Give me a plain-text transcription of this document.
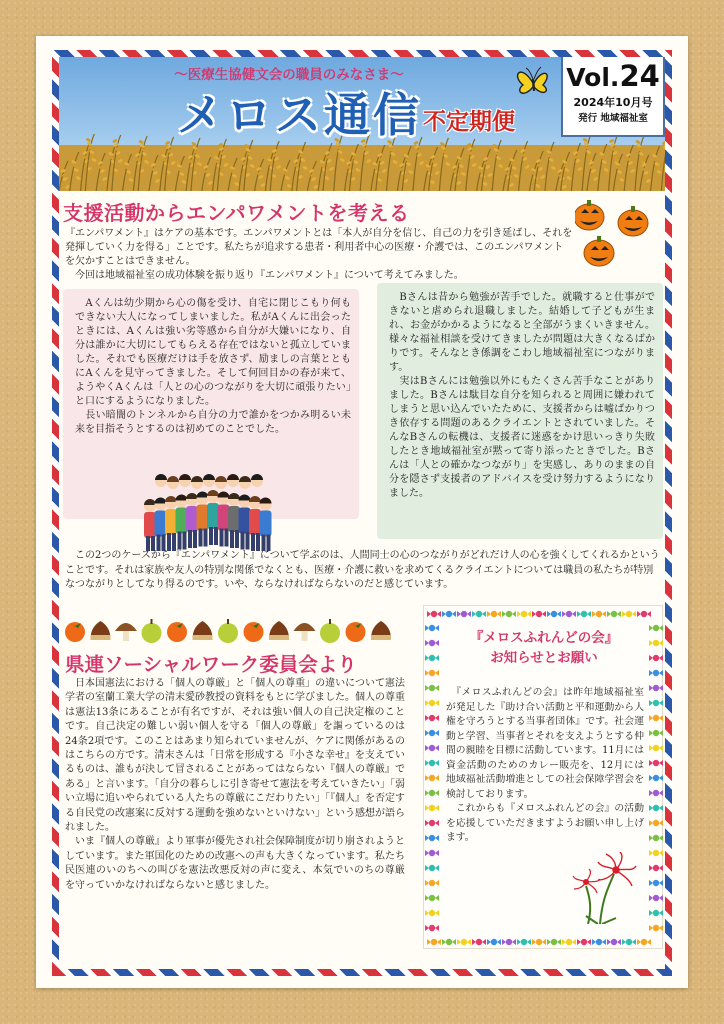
〜医療生協健文会の職員のみなさま〜
メロス通信 不定期便
Vol.24
2024年10月号
発行 地域福祉室
支援活動からエンパワメントを考える
『エンパワメント』はケアの基本です。エンパワメントとは「本人が自分を信じ、自己の力を引き延ばし、それを発揮していく力を得る」ことです。私たちが追求する患者・利用者中心の医療・介護では、このエンパワメントを欠かすことはできません。
　今回は地域福祉室の成功体験を振り返り『エンパワメント』について考えてみました。
　Aくんは幼少期から心の傷を受け、自宅に閉じこもり何もできない大人になってしまいました。私がAくんに出会ったときには、Aくんは強い劣等感から自分が大嫌いになり、自分は誰かに大切にしてもらえる存在ではないと孤立していました。それでも医療だけは手を放さず、励ましの言葉とともにAくんを見守ってきました。そして何回目かの春が来て、ようやくAくんは「人との心のつながりを大切に頑張りたい」と口にするようになりました。
　長い暗闇のトンネルから自分の力で誰かをつかみ明るい未来を目指そうとするのは初めてのことでした。
　Bさんは昔から勉強が苦手でした。就職すると仕事ができないと虐められ退職しました。結婚して子どもが生まれ、お金がかかるようになると全部がうまくいきません。様々な福祉相談を受けてきましたが問題は大きくなるばかりです。そんなとき係調をこわし地域福祉室につながります。
　実はBさんには勉強以外にもたくさん苦手なことがありました。Bさんは駄目な自分を知られると周囲に嫌われてしまうと思い込んでいたために、支援者からは嘘ばかりつき依存する問題のあるクライエントとされていました。そんなBさんの転機は、支援者に迷惑をかけ思いっきり失敗したとき地域福祉室が黙って寄り添ったときでした。Bさんは「人との確かなつながり」を実感し、ありのままの自分を隠さず支援者のアドバイスを受け努力するようになりました。
　この2つのケースから『エンパワメント』について学ぶのは、人間同士の心のつながりがどれだけ人の心を強くしてくれるかということです。それは家族や友人の特別な関係でなくとも、医療・介護に救いを求めてくるクライエントについては職員の私たちが特別なつながりとしてなり得るのです。いや、ならなければならないのだと感じています。
県連ソーシャルワーク委員会より
　日本国憲法における「個人の尊厳」と「個人の尊重」の違いについて憲法学者の室蘭工業大学の清末愛砂教授の資料をもとに学びました。個人の尊重は憲法13条にあることが有名ですが、それは強い個人の自己決定権のことです。自己決定の難しい弱い個人を守る「個人の尊厳」を謳っているのは24条2項です。このことはあまり知られていませんが、ケアに関係があるのはこちらの方です。清末さんは「日常を形成する『小さな幸せ』を支えているものは、誰もが決して冒されることがあってはならない『個人の尊厳』である」と言います。「自分の暮らしに引き寄せて憲法を考えていきたい」「弱い立場に追いやられている人たちの尊厳にこだわりたい」「『個人』を否定する自民党の改憲案に反対する運動を強めないといけない」という感想が語られました。
　いま『個人の尊厳』より軍事が優先され社会保障制度が切り崩されようとしています。また軍国化のための改憲への声も大きくなっています。私たち民医連のいのちへの叫びを憲法改悪反対の声に変え、本気でいのちの尊厳を守っていかなければならないと感じました。
『メロスふれんどの会』
お知らせとお願い
　『メロスふれんどの会』は昨年地域福祉室が発足した『助け合い活動と平和運動から人権を守ろうとする当事者団体』です。社会運動と学習、当事者とそれを支えようとする仲間の親睦を目標に活動しています。11月には資金活動のためのカレー販売を、12月には地域福祉活動増進としての社会保障学習会を検討しております。
　これからも『メロスふれんどの会』の活動を応援していただきますようお願い申し上げます。
